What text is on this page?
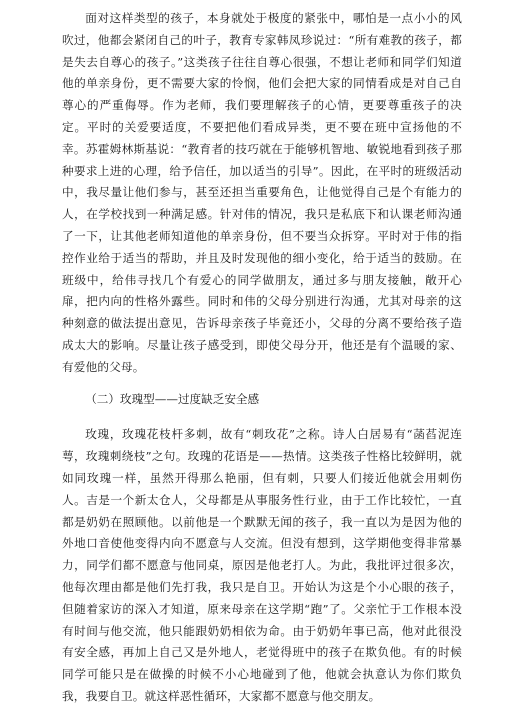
面对这样类型的孩子，本身就处于极度的紧张中，哪怕是一点小小的风吹过，他都会紧闭自己的叶子，教育专家韩凤珍说过：“所有难教的孩子，都是失去自尊心的孩子。”这类孩子往往自尊心很强，不想让老师和同学们知道他的单亲身份，更不需要大家的怜悯，他们会把大家的同情看成是对自己自尊心的严重侮辱。作为老师，我们要理解孩子的心情，更要尊重孩子的决定。平时的关爱要适度，不要把他们看成异类，更不要在班中宣扬他的不幸。苏霍姆林斯基说：“教育者的技巧就在于能够机智地、敏锐地看到孩子那种要求上进的心理，给予信任，加以适当的引导”。因此，在平时的班级活动中，我尽量让他们参与，甚至还担当重要角色，让他觉得自己是个有能力的人，在学校找到一种满足感。针对伟的情况，我只是私底下和认课老师沟通了一下，让其他老师知道他的单亲身份，但不要当众拆穿。平时对于伟的指控作业给于适当的帮助，并且及时发现他的细小变化，给于适当的鼓励。在班级中，给伟寻找几个有爱心的同学做朋友，通过多与朋友接触，敞开心扉，把内向的性格外露些。同时和伟的父母分别进行沟通，尤其对母亲的这种刻意的做法提出意见，告诉母亲孩子毕竟还小，父母的分离不要给孩子造成太大的影响。尽量让孩子感受到，即使父母分开，他还是有个温暖的家、有爱他的父母。

（二）玫瑰型——过度缺乏安全感

玫瑰，玫瑰花枝杆多刺，故有“刺玫花”之称。诗人白居易有“菡萏泥连萼，玫瑰刺绕枝”之句。玫瑰的花语是——热情。这类孩子性格比较鲜明，就如同玫瑰一样，虽然开得那么艳丽，但有刺，只要人们接近他就会用刺伤人。吉是一个新太仓人，父母都是从事服务性行业，由于工作比较忙，一直都是奶奶在照顾他。以前他是一个默默无闻的孩子，我一直以为是因为他的外地口音使他变得内向不愿意与人交流。但没有想到，这学期他变得非常暴力，同学们都不愿意与他同桌，原因是他老打人。为此，我批评过很多次，他每次理由都是他们先打我，我只是自卫。开始认为这是个小心眼的孩子，但随着家访的深入才知道，原来母亲在这学期“跑”了。父亲忙于工作根本没有时间与他交流，他只能跟奶奶相依为命。由于奶奶年事已高，他对此很没有安全感，再加上自己又是外地人，老觉得班中的孩子在欺负他。有的时候同学可能只是在做操的时候不小心地碰到了他，他就会执意认为你们欺负我，我要自卫。就这样恶性循环，大家都不愿意与他交朋友。
